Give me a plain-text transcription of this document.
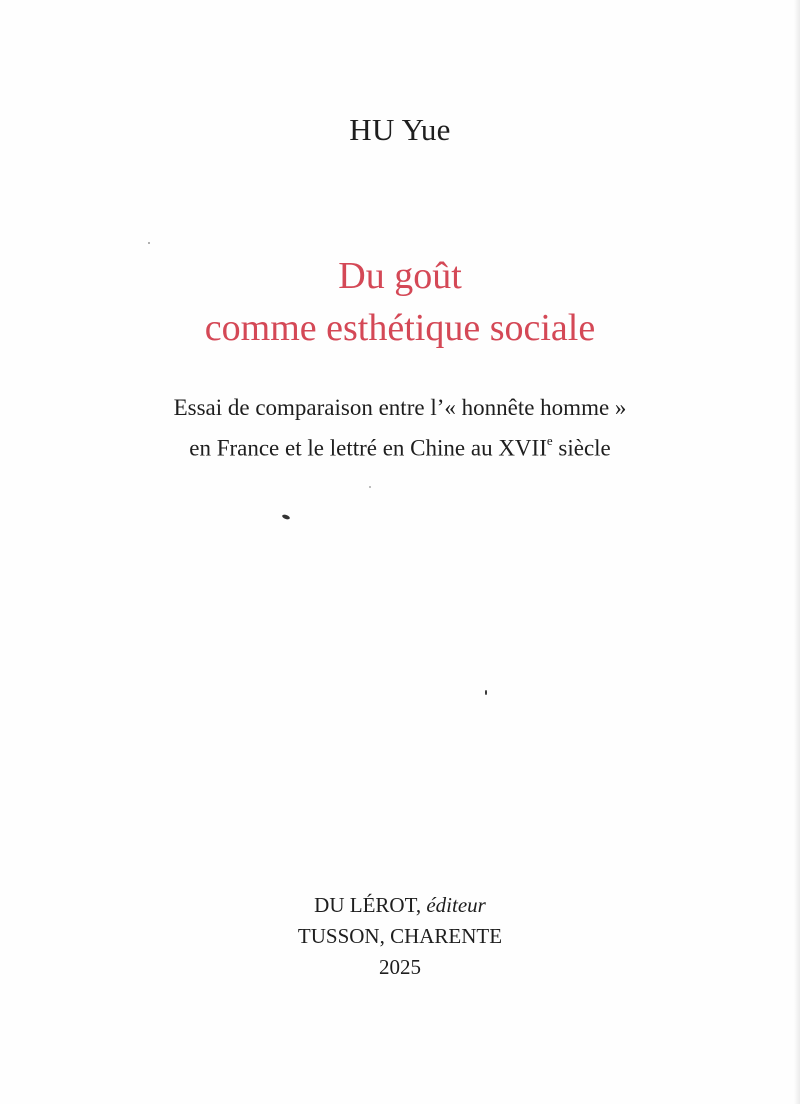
HU Yue
Du goût
comme esthétique sociale
Essai de comparaison entre l’« honnête homme »
en France et le lettré en Chine au XVIIe siècle
DU LÉROT, éditeur
TUSSON, CHARENTE
2025
